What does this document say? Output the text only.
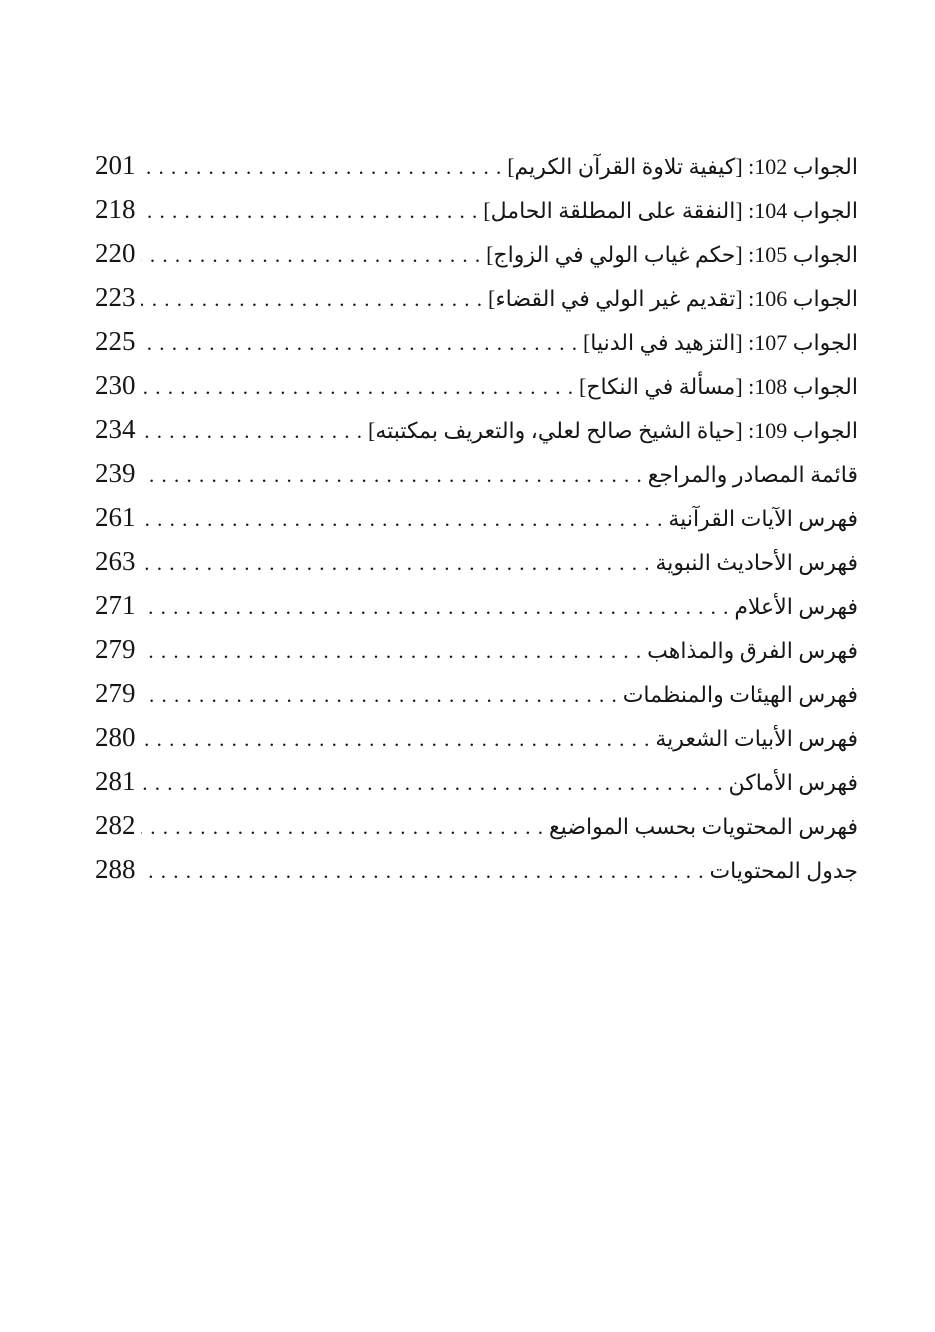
الجواب 102: [كيفية تلاوة القرآن الكريم]
. . .
201
الجواب 104: [النفقة على المطلقة الحامل]
. . .
218
الجواب 105: [حكم غياب الولي في الزواج]
. . .
220
الجواب 106: [تقديم غير الولي في القضاء]
. . .
223
الجواب 107: [التزهيد في الدنيا]
. . .
225
الجواب 108: [مسألة في النكاح]
. . .
230
الجواب 109: [حياة الشيخ صالح لعلي، والتعريف بمكتبته]
. . .
234
قائمة المصادر والمراجع
. . .
239
فهرس الآيات القرآنية
. . .
261
فهرس الأحاديث النبوية
. . .
263
فهرس الأعلام
. . .
271
فهرس الفرق والمذاهب
. . .
279
فهرس الهيئات والمنظمات
. . .
279
فهرس الأبيات الشعرية
. . .
280
فهرس الأماكن
. . .
281
فهرس المحتويات بحسب المواضيع
. . .
282
جدول المحتويات
. . .
288
